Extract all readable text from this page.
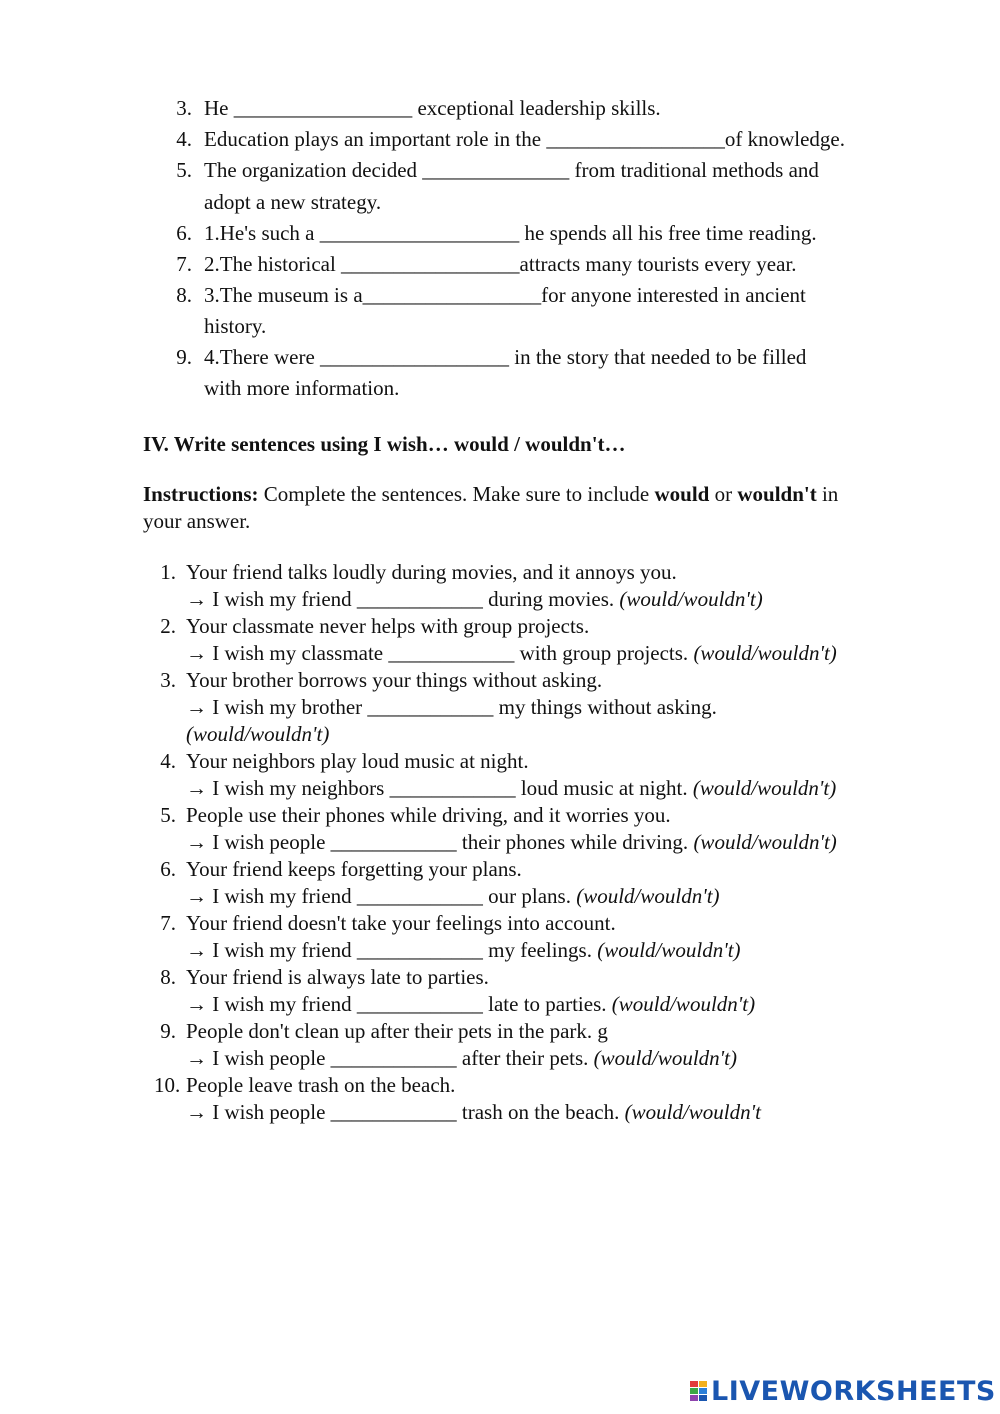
3. He _________________ exceptional leadership skills.
4. Education plays an important role in the _________________of knowledge.
5. The organization decided ______________ from traditional methods and
adopt a new strategy.
6. 1.He's such a ___________________ he spends all his free time reading.
7. 2.The historical _________________attracts many tourists every year.
8. 3.The museum is a_________________for anyone interested in ancient
history.
9. 4.There were __________________ in the story that needed to be filled
with more information.
IV. Write sentences using I wish… would / wouldn't…
Instructions: Complete the sentences. Make sure to include would or wouldn't in
your answer.
1. Your friend talks loudly during movies, and it annoys you.
→ I wish my friend ____________ during movies. (would/wouldn't)
2. Your classmate never helps with group projects.
→ I wish my classmate ____________ with group projects. (would/wouldn't)
3. Your brother borrows your things without asking.
→ I wish my brother ____________ my things without asking.
(would/wouldn't)
4. Your neighbors play loud music at night.
→ I wish my neighbors ____________ loud music at night. (would/wouldn't)
5. People use their phones while driving, and it worries you.
→ I wish people ____________ their phones while driving. (would/wouldn't)
6. Your friend keeps forgetting your plans.
→ I wish my friend ____________ our plans. (would/wouldn't)
7. Your friend doesn't take your feelings into account.
→ I wish my friend ____________ my feelings. (would/wouldn't)
8. Your friend is always late to parties.
→ I wish my friend ____________ late to parties. (would/wouldn't)
9. People don't clean up after their pets in the park. g
→ I wish people ____________ after their pets. (would/wouldn't)
10. People leave trash on the beach.
→ I wish people ____________ trash on the beach. (would/wouldn't
LIVEWORKSHEETS
